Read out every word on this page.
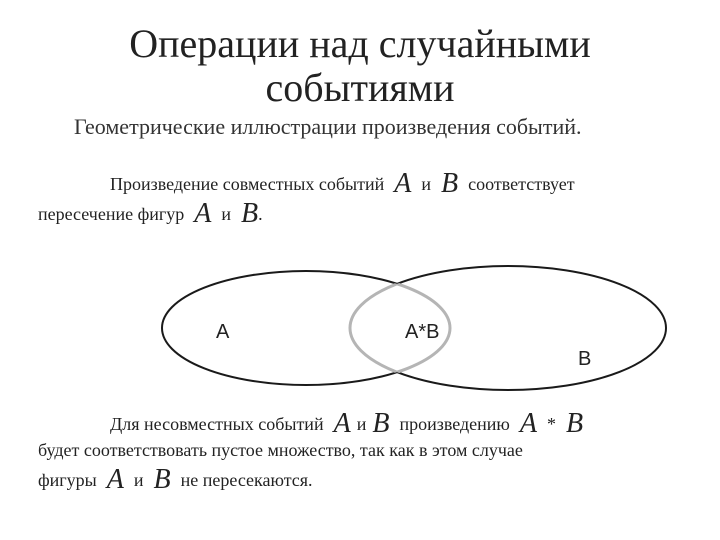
Операции над случайными
событиями
Геометрические иллюстрации произведения событий.
Произведение совместных событий A и B соответствует
пересечение фигур A и B.
A	A*B
B
Для несовместных событий A и B произведению A * B
будет соответствовать пустое множество, так как в этом случае
фигуры A и B не пересекаются.
